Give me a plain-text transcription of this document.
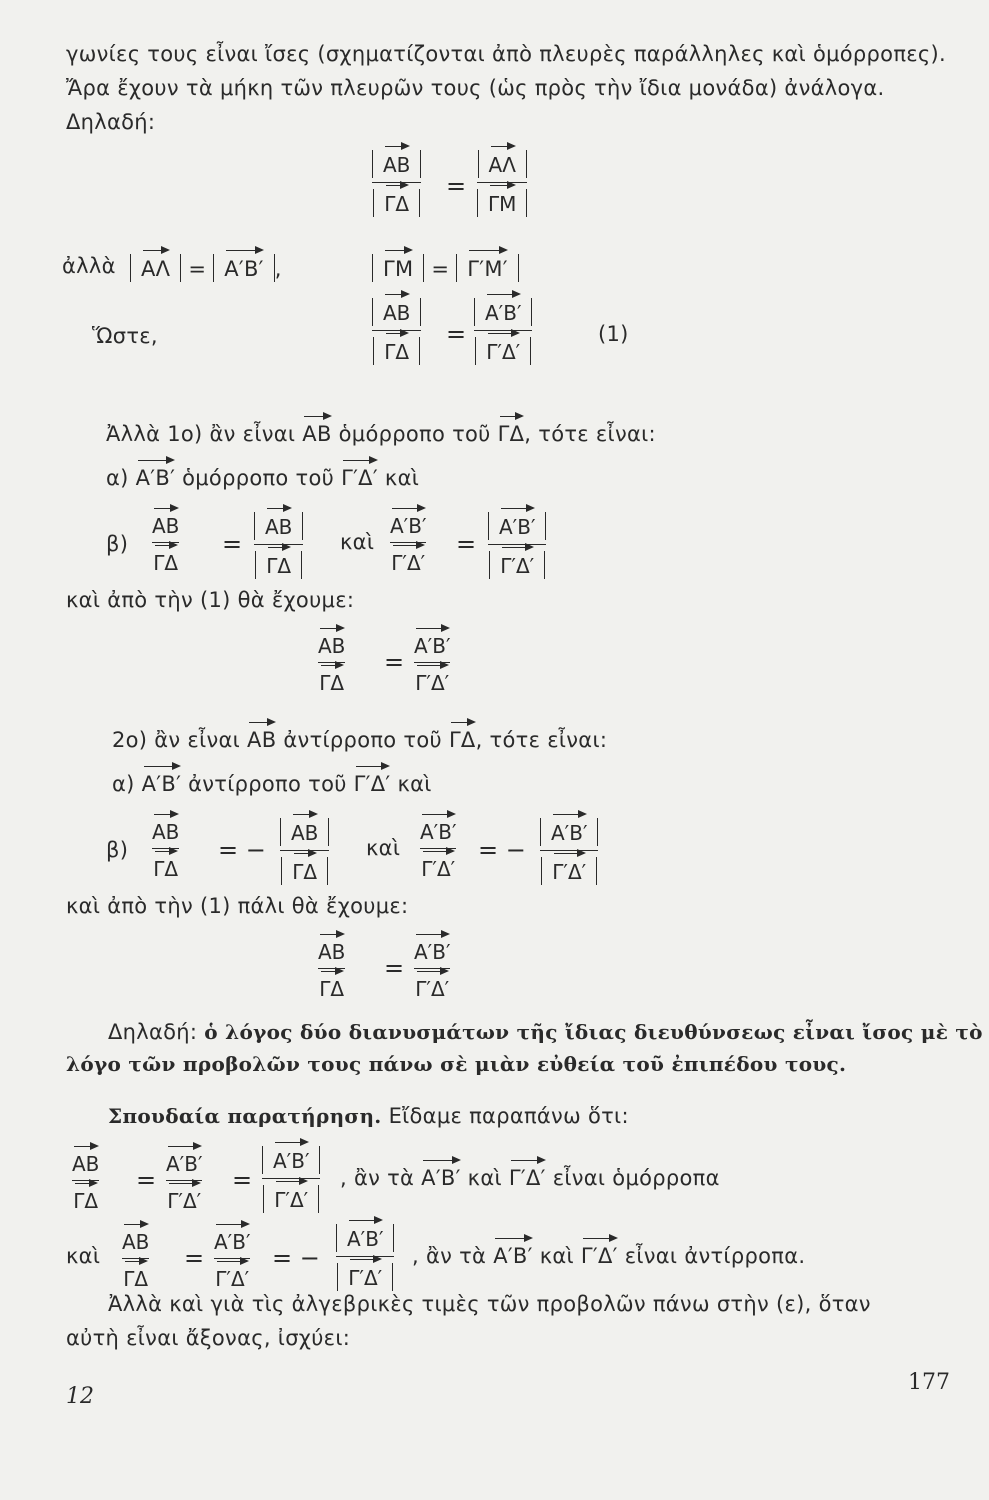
γωνίες τους εἶναι ἴσες (σχηματίζονται ἀπὸ πλευρὲς παράλληλες καὶ ὁμόρροπες).
Ἄρα ἔχουν τὰ μήκη τῶν πλευρῶν τους (ὡς πρὸς τὴν ἴδια μονάδα) ἀνάλογα.
Δηλαδή:
AB
ΓΔ
=
AΛ
ΓM
ἀλλὰ	AΛ = A′B′ ,	ΓM = Γ′M′
Ὥστε,
AB
ΓΔ
=
A′B′
Γ′Δ′
(1)
Ἀλλὰ 1ο) ἂν εἶναι AB ὁμόρροπο τοῦ ΓΔ, τότε εἶναι:
α) A′B′ ὁμόρροπο τοῦ Γ′Δ′ καὶ
β)
AB
ΓΔ
=
AB
ΓΔ
καὶ
A′B′
Γ′Δ′
=
A′B′
Γ′Δ′
καὶ ἀπὸ τὴν (1) θὰ ἔχουμε:
AB
ΓΔ
=
A′B′
Γ′Δ′
2ο) ἂν εἶναι AB ἀντίρροπο τοῦ ΓΔ, τότε εἶναι:
α) A′B′ ἀντίρροπο τοῦ Γ′Δ′ καὶ
β)
AB
ΓΔ
= −
AB
ΓΔ
καὶ
A′B′
Γ′Δ′
= −
A′B′
Γ′Δ′
καὶ ἀπὸ τὴν (1) πάλι θὰ ἔχουμε:
AB
ΓΔ
=
A′B′
Γ′Δ′
Δηλαδή: ὁ λόγος δύο διανυσμάτων τῆς ἴδιας διευθύνσεως εἶναι ἴσος μὲ τὸ
λόγο τῶν προβολῶν τους πάνω σὲ μιὰν εὐθεία τοῦ ἐπιπέδου τους.
Σπουδαία παρατήρηση. Εἴδαμε παραπάνω ὅτι:
AB
ΓΔ
=
A′B′
Γ′Δ′
=
A′B′
Γ′Δ′
, ἂν τὰ A′B′ καὶ Γ′Δ′ εἶναι ὁμόρροπα
καὶ
AB
ΓΔ
=
A′B′
Γ′Δ′
= −
A′B′
Γ′Δ′
, ἂν τὰ A′B′ καὶ Γ′Δ′ εἶναι ἀντίρροπα.
Ἀλλὰ καὶ γιὰ τὶς ἀλγεβρικὲς τιμὲς τῶν προβολῶν πάνω στὴν (ε), ὅταν
αὐτὴ εἶναι ἄξονας, ἰσχύει:
12
177
